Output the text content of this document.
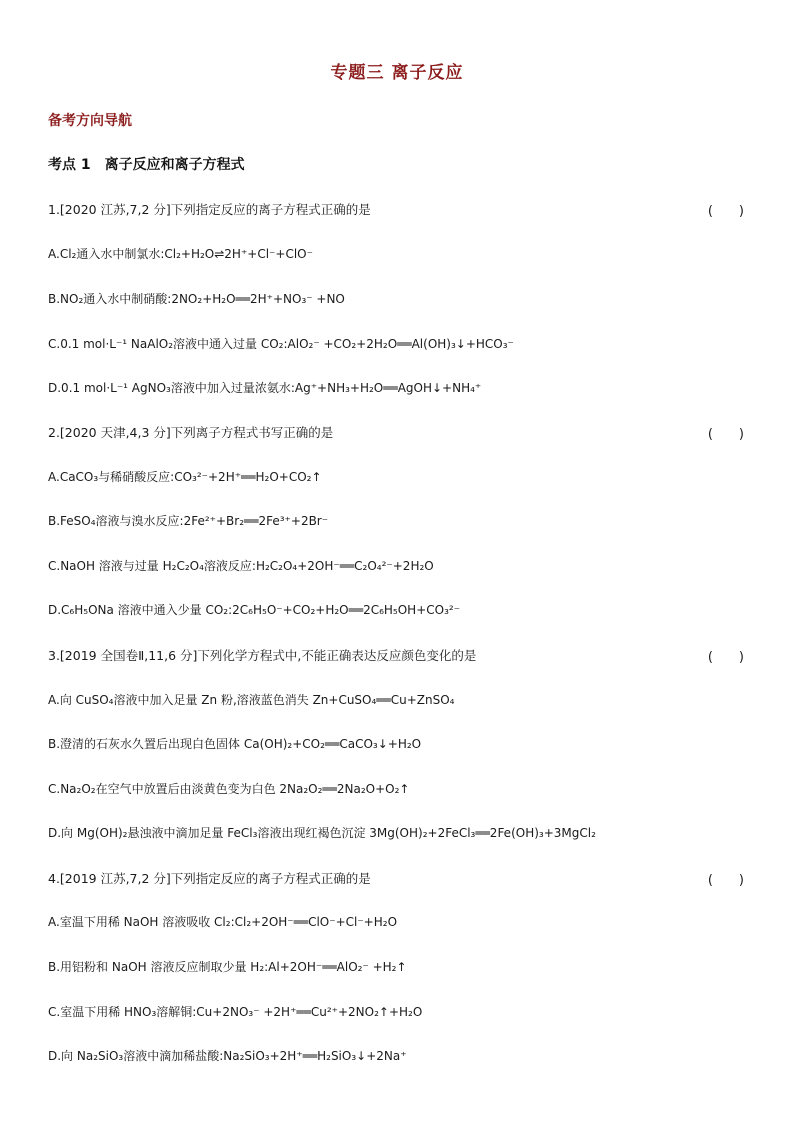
专题三 离子反应
备考方向导航
考点 1　离子反应和离子方程式
1.[2020 江苏,7,2 分]下列指定反应的离子方程式正确的是	(　　)
A.Cl₂通入水中制氯水:Cl₂+H₂O⇌2H⁺+Cl⁻+ClO⁻
B.NO₂通入水中制硝酸:2NO₂+H₂O══2H⁺+NO₃⁻ +NO
C.0.1 mol·L⁻¹ NaAlO₂溶液中通入过量 CO₂:AlO₂⁻ +CO₂+2H₂O══Al(OH)₃↓+HCO₃⁻
D.0.1 mol·L⁻¹ AgNO₃溶液中加入过量浓氨水:Ag⁺+NH₃+H₂O══AgOH↓+NH₄⁺
2.[2020 天津,4,3 分]下列离子方程式书写正确的是	(　　)
A.CaCO₃与稀硝酸反应:CO₃²⁻+2H⁺══H₂O+CO₂↑
B.FeSO₄溶液与溴水反应:2Fe²⁺+Br₂══2Fe³⁺+2Br⁻
C.NaOH 溶液与过量 H₂C₂O₄溶液反应:H₂C₂O₄+2OH⁻══C₂O₄²⁻+2H₂O
D.C₆H₅ONa 溶液中通入少量 CO₂:2C₆H₅O⁻+CO₂+H₂O══2C₆H₅OH+CO₃²⁻
3.[2019 全国卷Ⅱ,11,6 分]下列化学方程式中,不能正确表达反应颜色变化的是	(　　)
A.向 CuSO₄溶液中加入足量 Zn 粉,溶液蓝色消失 Zn+CuSO₄══Cu+ZnSO₄
B.澄清的石灰水久置后出现白色固体 Ca(OH)₂+CO₂══CaCO₃↓+H₂O
C.Na₂O₂在空气中放置后由淡黄色变为白色 2Na₂O₂══2Na₂O+O₂↑
D.向 Mg(OH)₂悬浊液中滴加足量 FeCl₃溶液出现红褐色沉淀 3Mg(OH)₂+2FeCl₃══2Fe(OH)₃+3MgCl₂
4.[2019 江苏,7,2 分]下列指定反应的离子方程式正确的是	(　　)
A.室温下用稀 NaOH 溶液吸收 Cl₂:Cl₂+2OH⁻══ClO⁻+Cl⁻+H₂O
B.用铝粉和 NaOH 溶液反应制取少量 H₂:Al+2OH⁻══AlO₂⁻ +H₂↑
C.室温下用稀 HNO₃溶解铜:Cu+2NO₃⁻ +2H⁺══Cu²⁺+2NO₂↑+H₂O
D.向 Na₂SiO₃溶液中滴加稀盐酸:Na₂SiO₃+2H⁺══H₂SiO₃↓+2Na⁺
